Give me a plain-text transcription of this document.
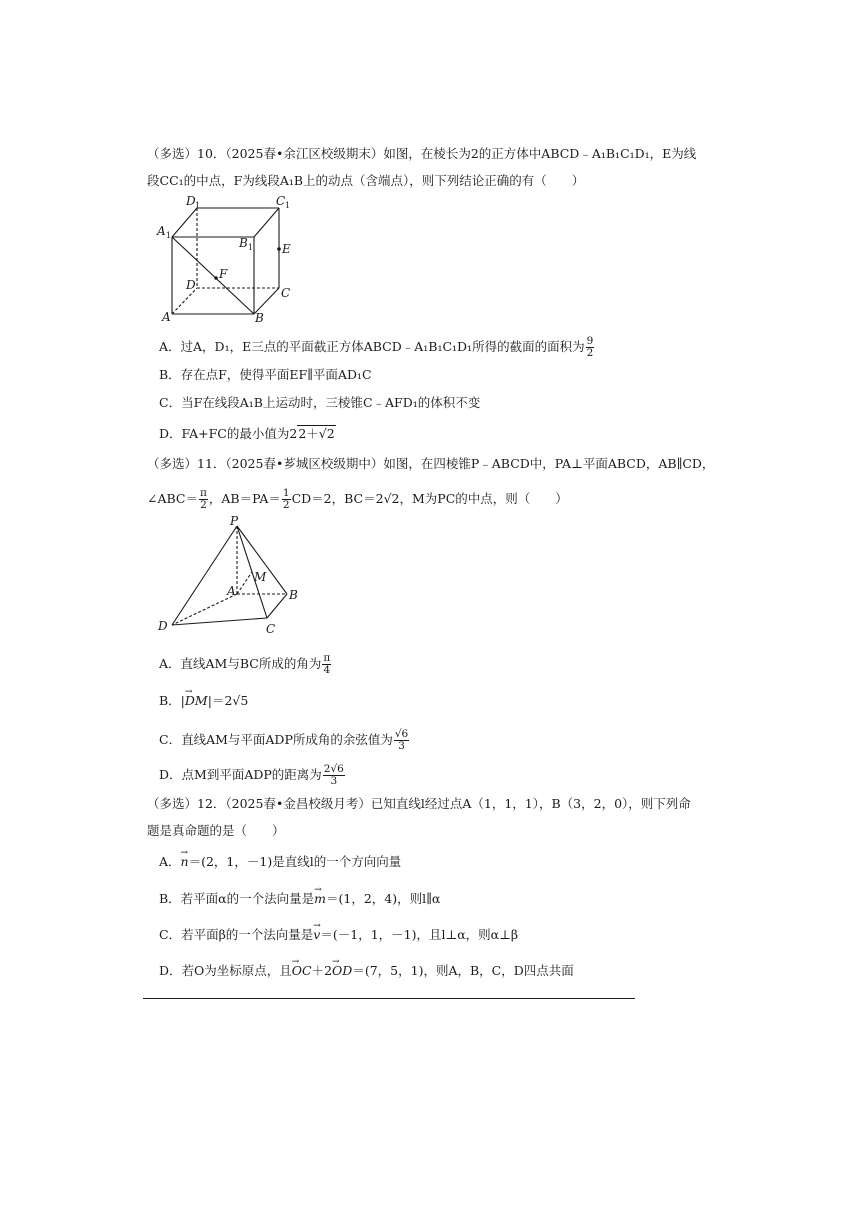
（多选）10．（2025春•余江区校级期末）如图，在棱长为2的正方体中ABCD﹣A₁B₁C₁D₁，E为线
段CC₁的中点，F为线段A₁B上的动点（含端点），则下列结论正确的有（　　）
D 1	C 1
A 1
B 1 E
F
D
C
A	B
A．过A，D₁，E三点的平面截正方体ABCD﹣A₁B₁C₁D₁所得的截面的面积为 $\frac{9}{2}$
B．存在点F，使得平面EF∥平面AD₁C
C．当F在线段A₁B上运动时，三棱锥C﹣AFD₁的体积不变
D．FA+FC的最小值为22＋√2
（多选）11．（2025春•芗城区校级期中）如图，在四棱锥P﹣ABCD中，PA⊥平面ABCD，AB∥CD，
∠ABC＝ $\frac{\pi}{2}$ ，$AB=PA= \frac{1}{2} CD=2$，BC＝2√2，M为PC的中点，则（　　）
P
M
A	B
D	C
A．直线AM与BC所成的角为 $\frac{\pi}{4}$
B．|→ DM|＝2√5
C．直线AM与平面ADP所成角的余弦值为 $\frac{√6}{3}$
D．点M到平面ADP的距离为 $\frac{2√6}{3}$
（多选）12．（2025春•金昌校级月考）已知直线l经过点A（1，1，1），B（3，2，0），则下列命
题是真命题的是（　　）
A．→ n＝(2，1，－1)是直线l的一个方向向量
B．若平面α的一个法向量是→ m＝(1，2，4)，则l∥α
C．若平面β的一个法向量是→ v＝(－1，1，－1)，且l⊥α，则α⊥β
D．若O为坐标原点，且→ OC＋2→ OD＝(7，5，1)，则A，B，C，D四点共面
